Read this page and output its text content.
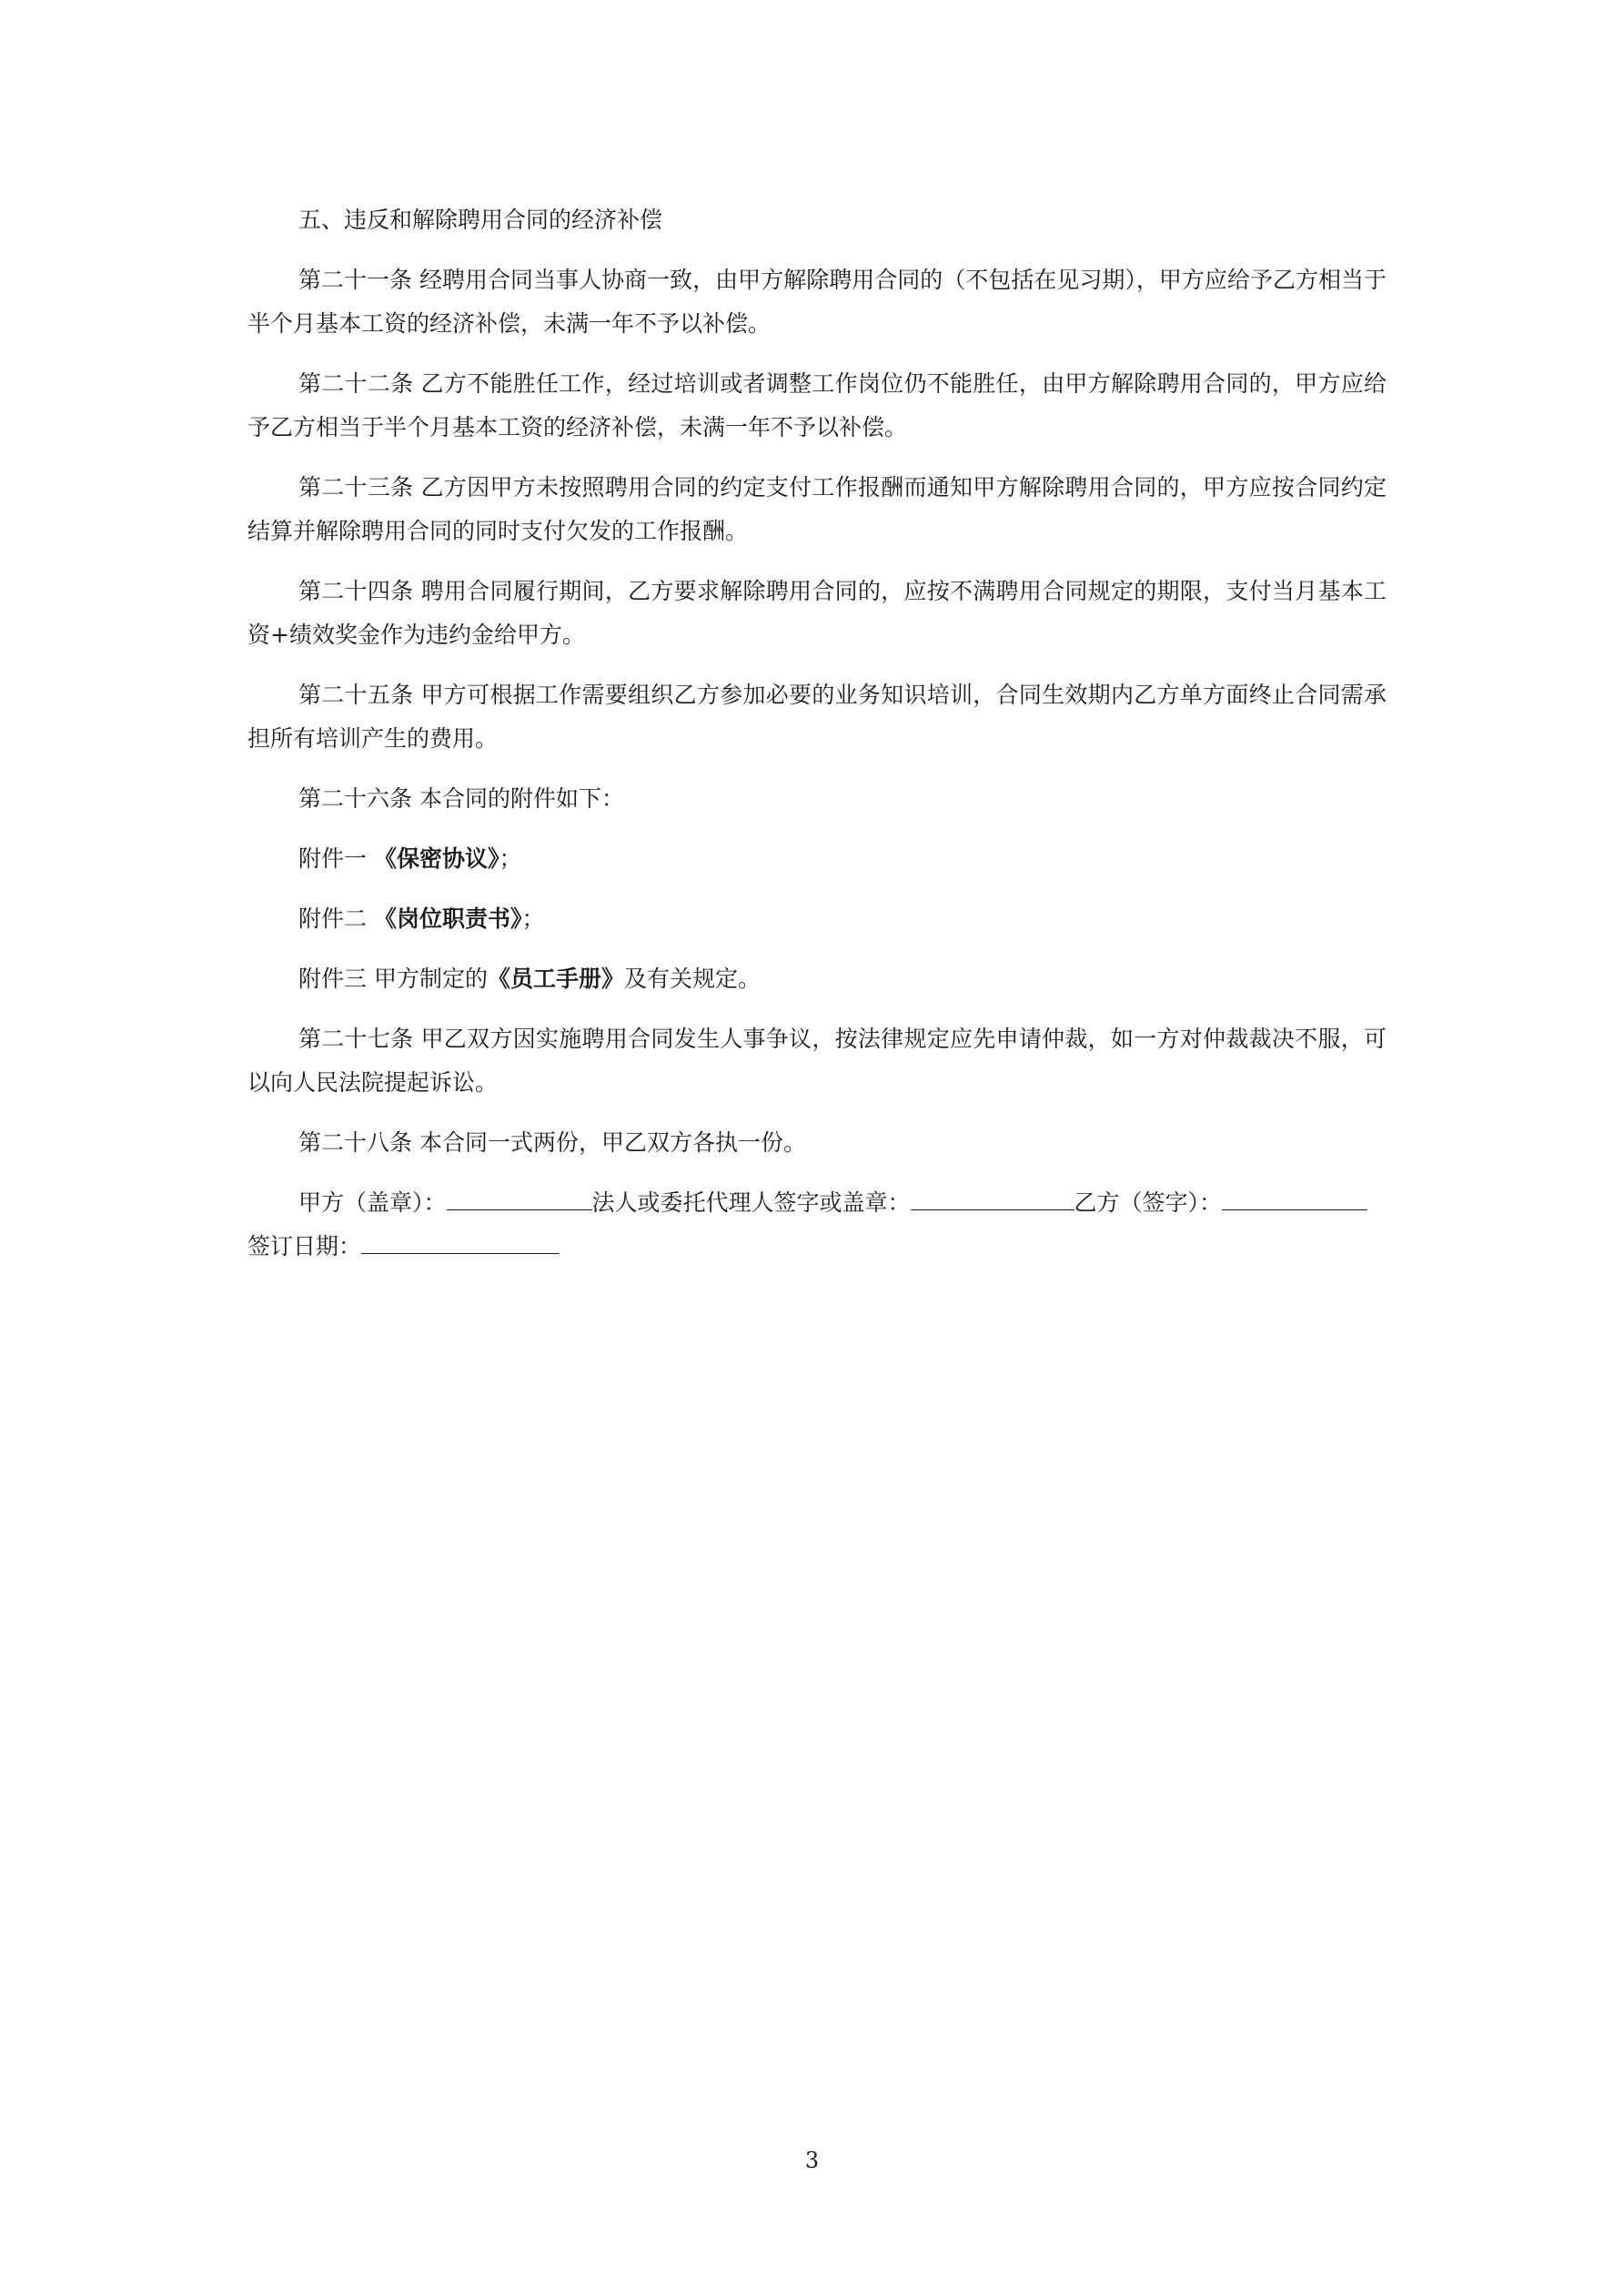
五、违反和解除聘用合同的经济补偿

第二十一条 经聘用合同当事人协商一致，由甲方解除聘用合同的（不包括在见习期），甲方应给予乙方相当于半个月基本工资的经济补偿，未满一年不予以补偿。

第二十二条 乙方不能胜任工作，经过培训或者调整工作岗位仍不能胜任，由甲方解除聘用合同的，甲方应给予乙方相当于半个月基本工资的经济补偿，未满一年不予以补偿。

第二十三条 乙方因甲方未按照聘用合同的约定支付工作报酬而通知甲方解除聘用合同的，甲方应按合同约定结算并解除聘用合同的同时支付欠发的工作报酬。

第二十四条 聘用合同履行期间，乙方要求解除聘用合同的，应按不满聘用合同规定的期限，支付当月基本工资+绩效奖金作为违约金给甲方。

第二十五条 甲方可根据工作需要组织乙方参加必要的业务知识培训，合同生效期内乙方单方面终止合同需承担所有培训产生的费用。

第二十六条 本合同的附件如下：

附件一 《保密协议》；

附件二 《岗位职责书》；

附件三 甲方制定的《员工手册》及有关规定。

第二十七条 甲乙双方因实施聘用合同发生人事争议，按法律规定应先申请仲裁，如一方对仲裁裁决不服，可以向人民法院提起诉讼。

第二十八条 本合同一式两份，甲乙双方各执一份。

甲方（盖章）：	法人或委托代理人签字或盖章：	乙方（签字）：

签订日期：

3
